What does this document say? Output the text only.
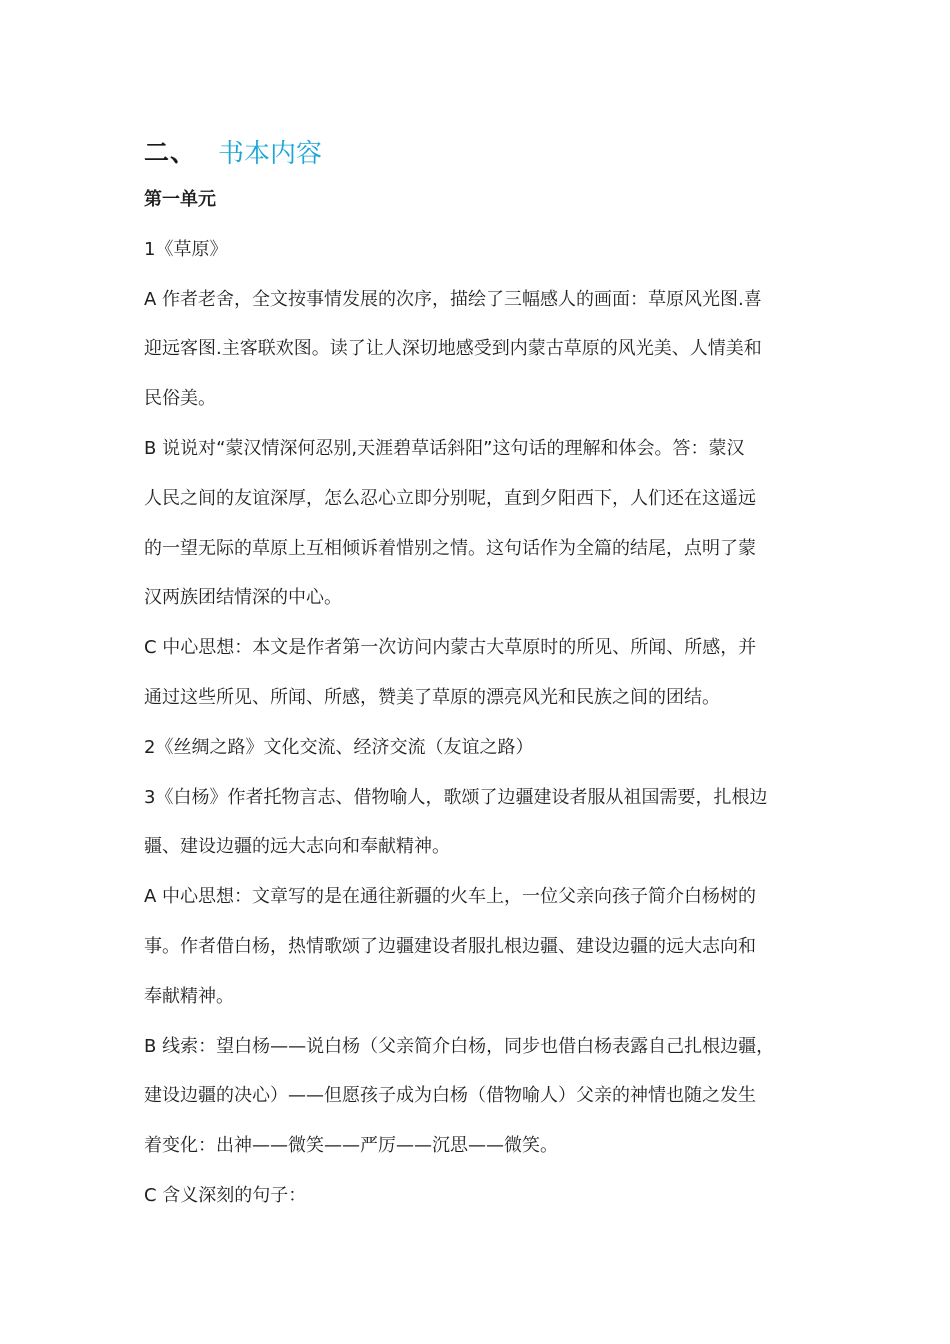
二、 书本内容
第一单元
1《草原》
A 作者老舍，全文按事情发展的次序，描绘了三幅感人的画面：草原风光图.喜
迎远客图.主客联欢图。读了让人深切地感受到内蒙古草原的风光美、人情美和
民俗美。
B 说说对“蒙汉情深何忍别,天涯碧草话斜阳”这句话的理解和体会。答：蒙汉
人民之间的友谊深厚，怎么忍心立即分别呢，直到夕阳西下，人们还在这遥远
的一望无际的草原上互相倾诉着惜别之情。这句话作为全篇的结尾，点明了蒙
汉两族团结情深的中心。
C 中心思想：本文是作者第一次访问内蒙古大草原时的所见、所闻、所感，并
通过这些所见、所闻、所感，赞美了草原的漂亮风光和民族之间的团结。
2《丝绸之路》文化交流、经济交流（友谊之路）
3《白杨》作者托物言志、借物喻人，歌颂了边疆建设者服从祖国需要，扎根边
疆、建设边疆的远大志向和奉献精神。
A 中心思想：文章写的是在通往新疆的火车上，一位父亲向孩子简介白杨树的
事。作者借白杨，热情歌颂了边疆建设者服扎根边疆、建设边疆的远大志向和
奉献精神。
B 线索：望白杨——说白杨（父亲简介白杨，同步也借白杨表露自己扎根边疆，
建设边疆的决心）——但愿孩子成为白杨（借物喻人）父亲的神情也随之发生
着变化：出神——微笑——严厉——沉思——微笑。
C 含义深刻的句子：
